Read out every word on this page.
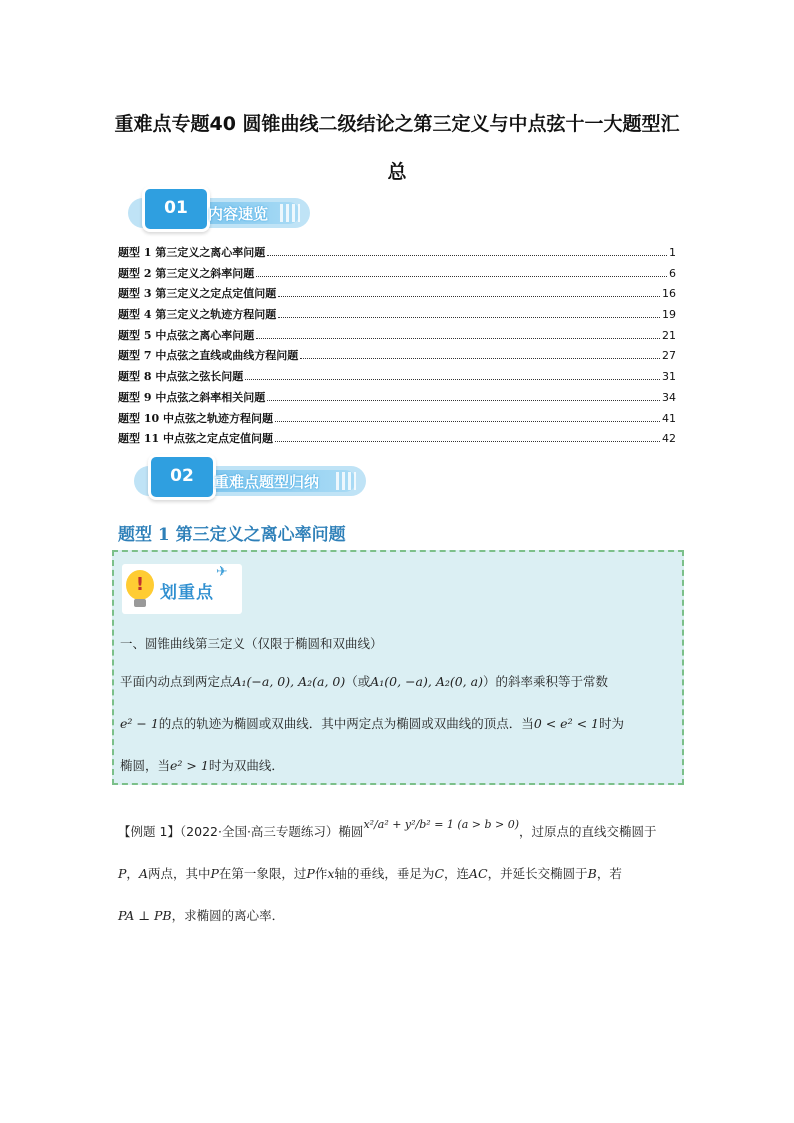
重难点专题40 圆锥曲线二级结论之第三定义与中点弦十一大题型汇
总
01	内容速览
题型 1 第三定义之离心率问题	1
题型 2 第三定义之斜率问题	6
题型 3 第三定义之定点定值问题	16
题型 4 第三定义之轨迹方程问题	19
题型 5 中点弦之离心率问题	21
题型 7 中点弦之直线或曲线方程问题	27
题型 8 中点弦之弦长问题	31
题型 9 中点弦之斜率相关问题	34
题型 10 中点弦之轨迹方程问题	41
题型 11 中点弦之定点定值问题	42
02	重难点题型归纳
题型 1 第三定义之离心率问题
! 划重点
✈
一、圆锥曲线第三定义（仅限于椭圆和双曲线）
平面内动点到两定点A₁(−a, 0), A₂(a, 0)（或A₁(0, −a), A₂(0, a)）的斜率乘积等于常数
e² − 1的点的轨迹为椭圆或双曲线．其中两定点为椭圆或双曲线的顶点．当0 < e² < 1时为
椭圆，当e² > 1时为双曲线．
【例题 1】（2022·全国·高三专题练习）椭圆x²/a² + y²/b² = 1 (a > b > 0)，过原点的直线交椭圆于
P，A两点，其中P在第一象限，过P作x轴的垂线，垂足为C，连AC，并延长交椭圆于B，若
PA ⊥ PB，求椭圆的离心率．
